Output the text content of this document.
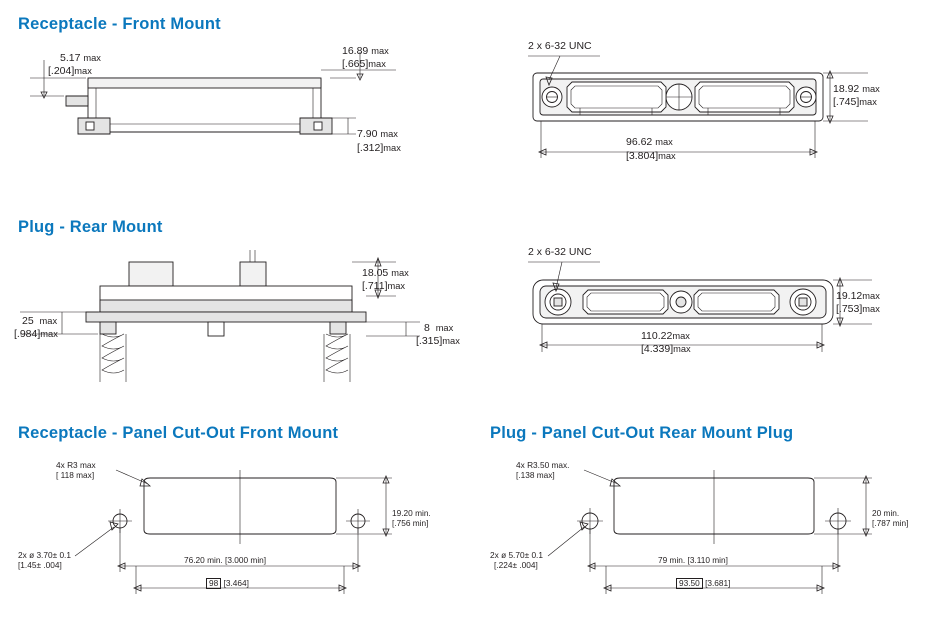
Receptacle - Front Mount
Plug - Rear Mount
Receptacle - Panel Cut-Out Front Mount	Plug - Panel Cut-Out Rear Mount Plug
5.17 max
[.204]max
16.89 max
[.665]max
7.90 max
[.312]max
2 x 6-32 UNC
18.92 max
[.745]max
96.62 max
[3.804]max
18.05 max
[.711]max
25 max
[.984]max	8 max
[.315]max
2 x 6-32 UNC
19.12max
[.753]max
110.22max
[4.339]max
4x R3 max
[ 118 max]
19.20 min.
[.756 min]
2x ø 3.70± 0.1
[1.45± .004]	76.20 min. [3.000 min]
98 [3.464]
4x R3.50 max.
[.138 max]
20 min.
[.787 min]
2x ø 5.70± 0.1
[.224± .004]	79 min. [3.110 min]
93.50 [3.681]
